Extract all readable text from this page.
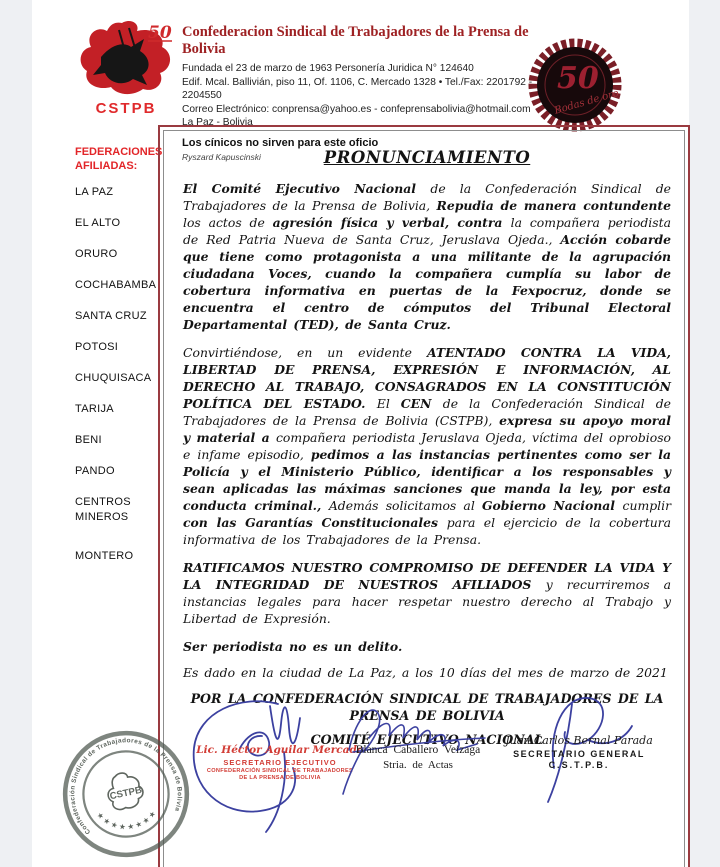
50
CSTPB
Confederacion Sindical de Trabajadores de la Prensa de Bolivia
Fundada el 23 de marzo de 1963 Personería Juridica N° 124640
Edif. Mcal. Ballivián, piso 11, Of. 1106, C. Mercado 1328 • Tel./Fax: 2201792 - 2204550
Correo Electrónico: conprensa@yahoo.es - confeprensabolivia@hotmail.com
La Paz - Bolivia
Los cínicos no sirven para este oficio
Ryszard Kapuscinski
50
Bodas de oro
FEDERACIONES AFILIADAS:
LA PAZ
EL ALTO
ORURO
COCHABAMBA
SANTA CRUZ
POTOSI
CHUQUISACA
TARIJA
BENI
PANDO
CENTROS MINEROS
MONTERO
PRONUNCIAMIENTO

El Comité Ejecutivo Nacional de la Confederación Sindical de Trabajadores de la Prensa de Bolivia, Repudia de manera contundente los actos de agresión física y verbal, contra la compañera periodista de Red Patria Nueva de Santa Cruz, Jeruslava Ojeda., Acción cobarde que tiene como protagonista a una militante de la agrupación ciudadana Voces, cuando la compañera cumplía su labor de cobertura informativa en puertas de la Fexpocruz, donde se encuentra el centro de cómputos del Tribunal Electoral Departamental (TED), de Santa Cruz.

Convirtiéndose, en un evidente ATENTADO CONTRA LA VIDA, LIBERTAD DE PRENSA, EXPRESIÓN E INFORMACIÓN, AL DERECHO AL TRABAJO, CONSAGRADOS EN LA CONSTITUCIÓN POLÍTICA DEL ESTADO. El CEN de la Confederación Sindical de Trabajadores de la Prensa de Bolivia (CSTPB), expresa su apoyo moral y material a compañera periodista Jeruslava Ojeda, víctima del oprobioso e infame episodio, pedimos a las instancias pertinentes como ser la Policía y el Ministerio Público, identificar a los responsables y sean aplicadas las máximas sanciones que manda la ley, por esta conducta criminal., Además solicitamos al Gobierno Nacional cumplir con las Garantías Constitucionales para el ejercicio de la cobertura informativa de los Trabajadores de la Prensa.

RATIFICAMOS NUESTRO COMPROMISO DE DEFENDER LA VIDA Y LA INTEGRIDAD DE NUESTROS AFILIADOS y recurriremos a instancias legales para hacer respetar nuestro derecho al Trabajo y Libertad de Expresión.

Ser periodista no es un delito.

Es dado en la ciudad de La Paz, a los 10 días del mes de marzo de 2021

POR LA CONFEDERACIÓN SINDICAL DE TRABAJADORES DE LA PRENSA DE BOLIVIA
COMITÉ EJECUTIVO NACIONAL
Confederación Sindical de Trabajadores de la Prensa de Bolivia
★ ★ ★ ★ ★ ★ ★ ★
CSTPB
Lic. Héctor Aguilar Mercado
SECRETARIO EJECUTIVO
CONFEDERACIÓN SINDICAL DE TRABAJADORES
DE LA PRENSA DE BOLIVIA
Blanca Caballero Veizaga
Stria. de Actas
Juan Carlos Bernal Parada
SECRETARIO GENERAL
C.S.T.P.B.
